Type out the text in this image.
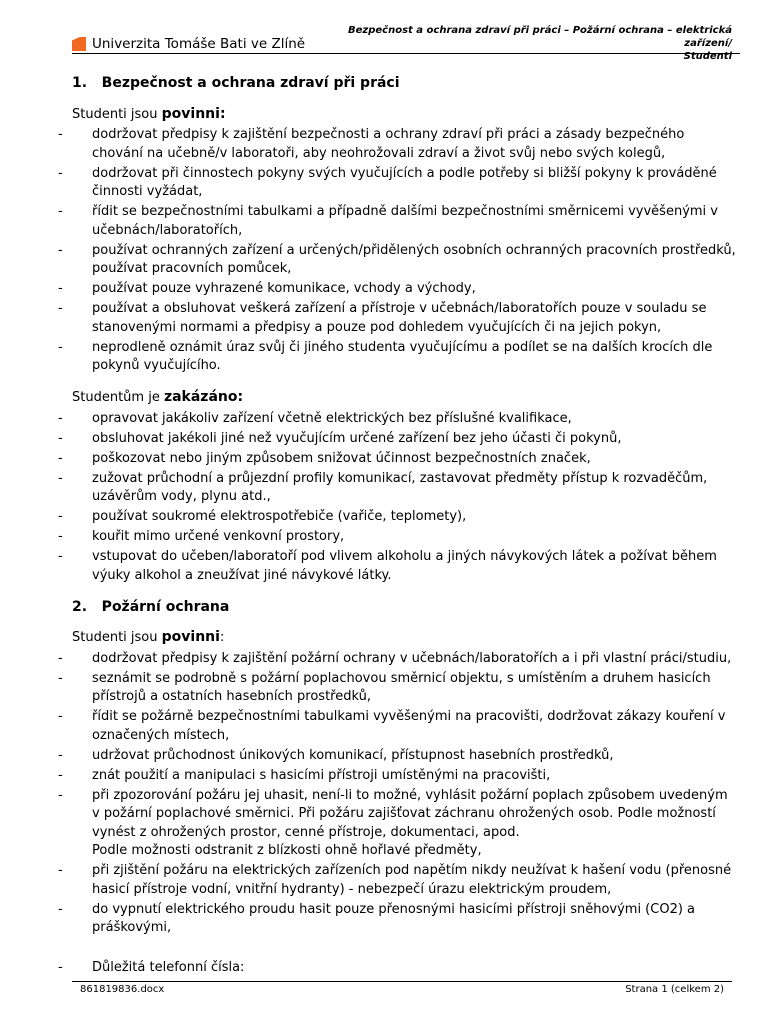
Univerzita Tomáše Bati ve Zlíně
Bezpečnost a ochrana zdraví při práci – Požární ochrana – elektrická zařízení/
Studenti
1.   Bezpečnost a ochrana zdraví při práci

Studenti jsou povinni:

- dodržovat předpisy k zajištění bezpečnosti a ochrany zdraví při práci a zásady bezpečného chování na učebně/v laboratoři, aby neohrožovali zdraví a život svůj nebo svých kolegů,
- dodržovat při činnostech pokyny svých vyučujících a podle potřeby si bližší pokyny k prováděné činnosti vyžádat,
- řídit se bezpečnostními tabulkami a případně dalšími bezpečnostními směrnicemi vyvěšenými v učebnách/laboratořích,
- používat ochranných zařízení a určených/přidělených osobních ochranných pracovních prostředků, používat pracovních pomůcek,
- používat pouze vyhrazené komunikace, vchody a východy,
- používat a obsluhovat veškerá zařízení a přístroje v učebnách/laboratořích pouze v souladu se stanovenými normami a předpisy a pouze pod dohledem vyučujících či na jejich pokyn,
- neprodleně oznámit úraz svůj či jiného studenta vyučujícímu a podílet se na dalších krocích dle pokynů vyučujícího.

Studentům je zakázáno:

- opravovat jakákoliv zařízení včetně elektrických bez příslušné kvalifikace,
- obsluhovat jakékoli jiné než vyučujícím určené zařízení bez jeho účasti či pokynů,
- poškozovat nebo jiným způsobem snižovat účinnost bezpečnostních značek,
- zužovat průchodní a průjezdní profily komunikací, zastavovat předměty přístup k rozvaděčům, uzávěrům vody, plynu atd.,
- používat soukromé elektrospotřebiče (vařiče, teplomety),
- kouřit mimo určené venkovní prostory,
- vstupovat do učeben/laboratoří pod vlivem alkoholu a jiných návykových látek a požívat během výuky alkohol a zneužívat jiné návykové látky.
2.   Požární ochrana

Studenti jsou povinni:

- dodržovat předpisy k zajištění požární ochrany v učebnách/laboratořích a i při vlastní práci/studiu,
- seznámit se podrobně s požární poplachovou směrnicí objektu, s umístěním a druhem hasicích přístrojů a ostatních hasebních prostředků,
- řídit se požárně bezpečnostními tabulkami vyvěšenými na pracovišti, dodržovat zákazy kouření v označených místech,
- udržovat průchodnost únikových komunikací, přístupnost hasebních prostředků,
- znát použití a manipulaci s hasicími přístroji umístěnými na pracovišti,
- při zpozorování požáru jej uhasit, není-li to možné, vyhlásit požární poplach způsobem uvedeným v požární poplachové směrnici. Při požáru zajišťovat záchranu ohrožených osob. Podle možností vynést z ohrožených prostor, cenné přístroje, dokumentaci, apod.
Podle možnosti odstranit z blízkosti ohně hořlavé předměty,
- při zjištění požáru na elektrických zařízeních pod napětím nikdy neužívat k hašení vodu (přenosné hasicí přístroje vodní, vnitřní hydranty) - nebezpečí úrazu elektrickým proudem,
- do vypnutí elektrického proudu hasit pouze přenosnými hasicími přístroji sněhovými (CO2) a práškovými,
- Důležitá telefonní čísla:
861819836.docx	Strana 1 (celkem 2)
